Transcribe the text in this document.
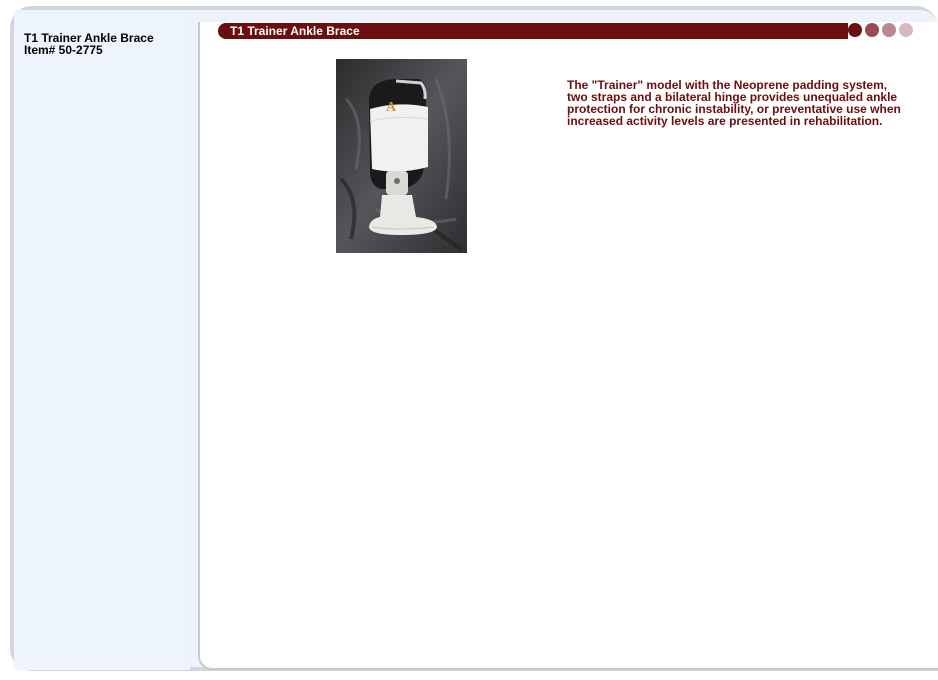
T1 Trainer Ankle Brace
Item# 50-2775
T1 Trainer Ankle Brace
A
The "Trainer" model with the Neoprene padding system, two straps and a bilateral hinge provides unequaled ankle protection for chronic instability, or preventative use when increased activity levels are presented in rehabilitation.
